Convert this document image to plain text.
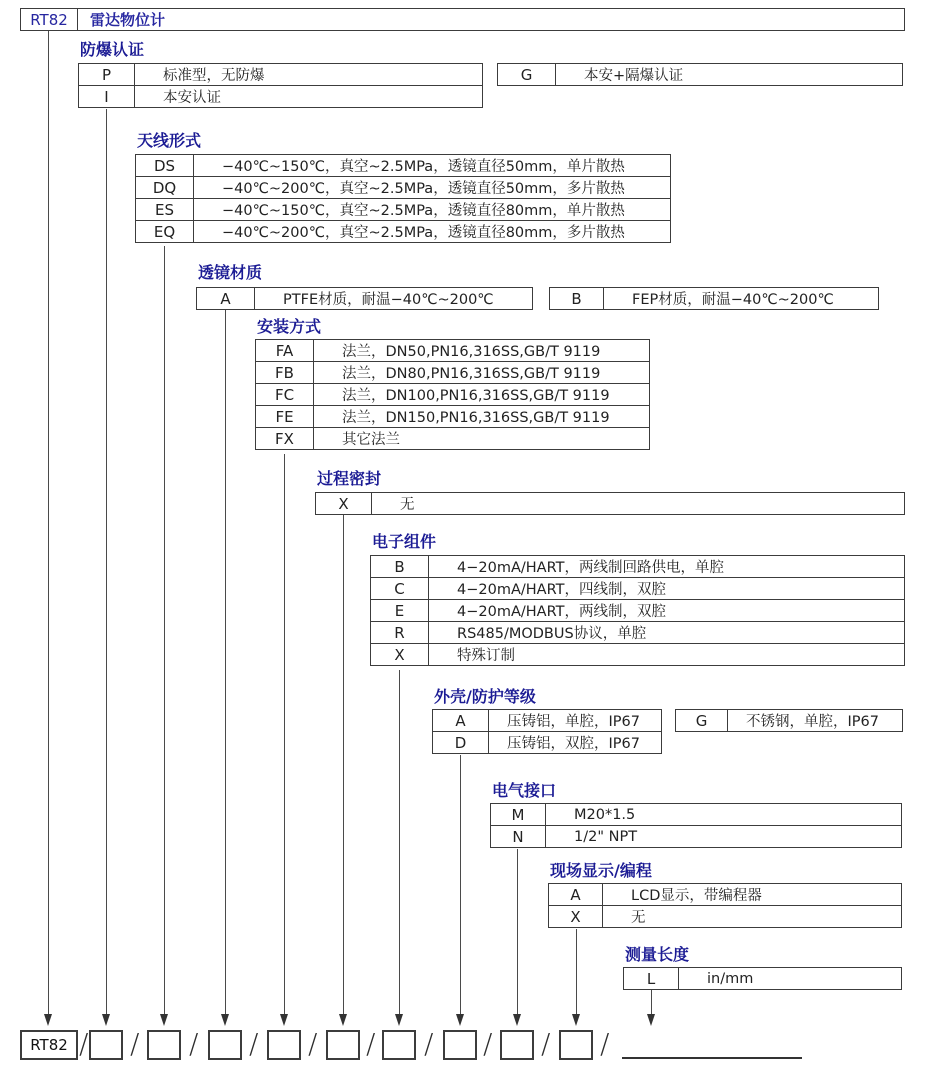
RT82	雷达物位计
防爆认证
P	标准型，无防爆
I	本安认证
G	本安+隔爆认证
天线形式
DS	−40℃~150℃，真空~2.5MPa，透镜直径50mm，单片散热
DQ	−40℃~200℃，真空~2.5MPa，透镜直径50mm，多片散热
ES	−40℃~150℃，真空~2.5MPa，透镜直径80mm，单片散热
EQ	−40℃~200℃，真空~2.5MPa，透镜直径80mm，多片散热
透镜材质
A	PTFE材质，耐温−40℃~200℃	B	FEP材质，耐温−40℃~200℃
安装方式
FA	法兰，DN50,PN16,316SS,GB/T 9119
FB	法兰，DN80,PN16,316SS,GB/T 9119
FC	法兰，DN100,PN16,316SS,GB/T 9119
FE	法兰，DN150,PN16,316SS,GB/T 9119
FX	其它法兰
过程密封
X	无
电子组件
B	4−20mA/HART，两线制回路供电，单腔
C	4−20mA/HART，四线制，双腔
E	4−20mA/HART，两线制，双腔
R	RS485/MODBUS协议，单腔
X	特殊订制
外壳/防护等级
A	压铸铝，单腔，IP67
D	压铸铝，双腔，IP67
G	不锈钢，单腔，IP67
电气接口
M	M20*1.5
N	1/2" NPT
现场显示/编程
A	LCD显示，带编程器
X	无
测量长度
L	in/mm
RT82 / / / / / / / / / /
